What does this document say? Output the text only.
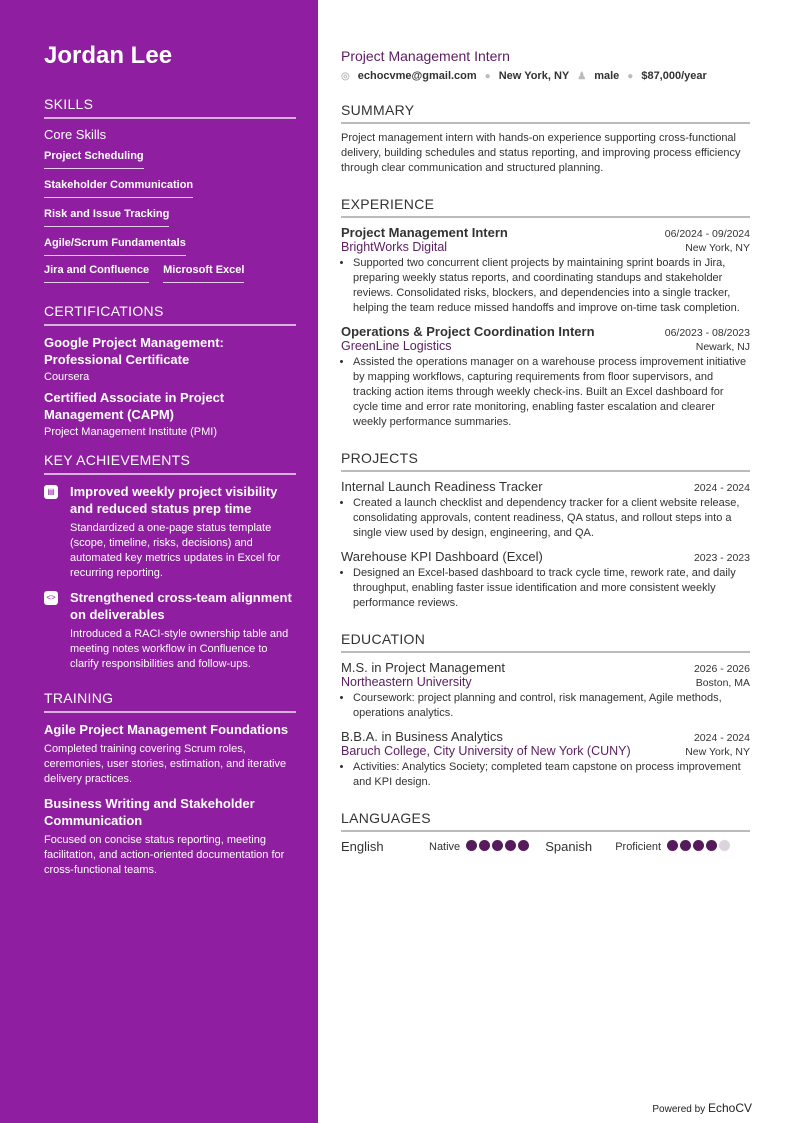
Jordan Lee
SKILLS
Core Skills
Project Scheduling
Stakeholder Communication
Risk and Issue Tracking
Agile/Scrum Fundamentals
Jira and Confluence Microsoft Excel
CERTIFICATIONS
Google Project Management: Professional Certificate
Coursera
Certified Associate in Project Management (CAPM)
Project Management Institute (PMI)
KEY ACHIEVEMENTS
▤ Improved weekly project visibility and reduced status prep time
Standardized a one-page status template (scope, timeline, risks, decisions) and automated key metrics updates in Excel for recurring reporting.
<> Strengthened cross-team alignment on deliverables
Introduced a RACI-style ownership table and meeting notes workflow in Confluence to clarify responsibilities and follow-ups.
TRAINING
Agile Project Management Foundations
Completed training covering Scrum roles, ceremonies, user stories, estimation, and iterative delivery practices.
Business Writing and Stakeholder Communication
Focused on concise status reporting, meeting facilitation, and action-oriented documentation for cross-functional teams.
Project Management Intern
◎ echocvme@gmail.com ● New York, NY ♟ male ● $87,000/year
SUMMARY
Project management intern with hands-on experience supporting cross-functional delivery, building schedules and status reporting, and improving process efficiency through clear communication and structured planning.
EXPERIENCE
Project Management Intern	06/2024 - 09/2024
BrightWorks Digital	New York, NY
• Supported two concurrent client projects by maintaining sprint boards in Jira, preparing weekly status reports, and coordinating standups and stakeholder reviews. Consolidated risks, blockers, and dependencies into a single tracker, helping the team reduce missed handoffs and improve on-time task completion.
Operations & Project Coordination Intern	06/2023 - 08/2023
GreenLine Logistics	Newark, NJ
• Assisted the operations manager on a warehouse process improvement initiative by mapping workflows, capturing requirements from floor supervisors, and tracking action items through weekly check-ins. Built an Excel dashboard for cycle time and error rate monitoring, enabling faster escalation and clearer weekly performance summaries.
PROJECTS
Internal Launch Readiness Tracker	2024 - 2024
• Created a launch checklist and dependency tracker for a client website release, consolidating approvals, content readiness, QA status, and rollout steps into a single view used by design, engineering, and QA.
Warehouse KPI Dashboard (Excel)	2023 - 2023
• Designed an Excel-based dashboard to track cycle time, rework rate, and daily throughput, enabling faster issue identification and more consistent weekly performance reviews.
EDUCATION
M.S. in Project Management	2026 - 2026
Northeastern University	Boston, MA
• Coursework: project planning and control, risk management, Agile methods, operations analytics.
B.B.A. in Business Analytics	2024 - 2024
Baruch College, City University of New York (CUNY)	New York, NY
• Activities: Analytics Society; completed team capstone on process improvement and KPI design.
LANGUAGES
English	Native	Spanish	Proficient
Powered by EchoCV
